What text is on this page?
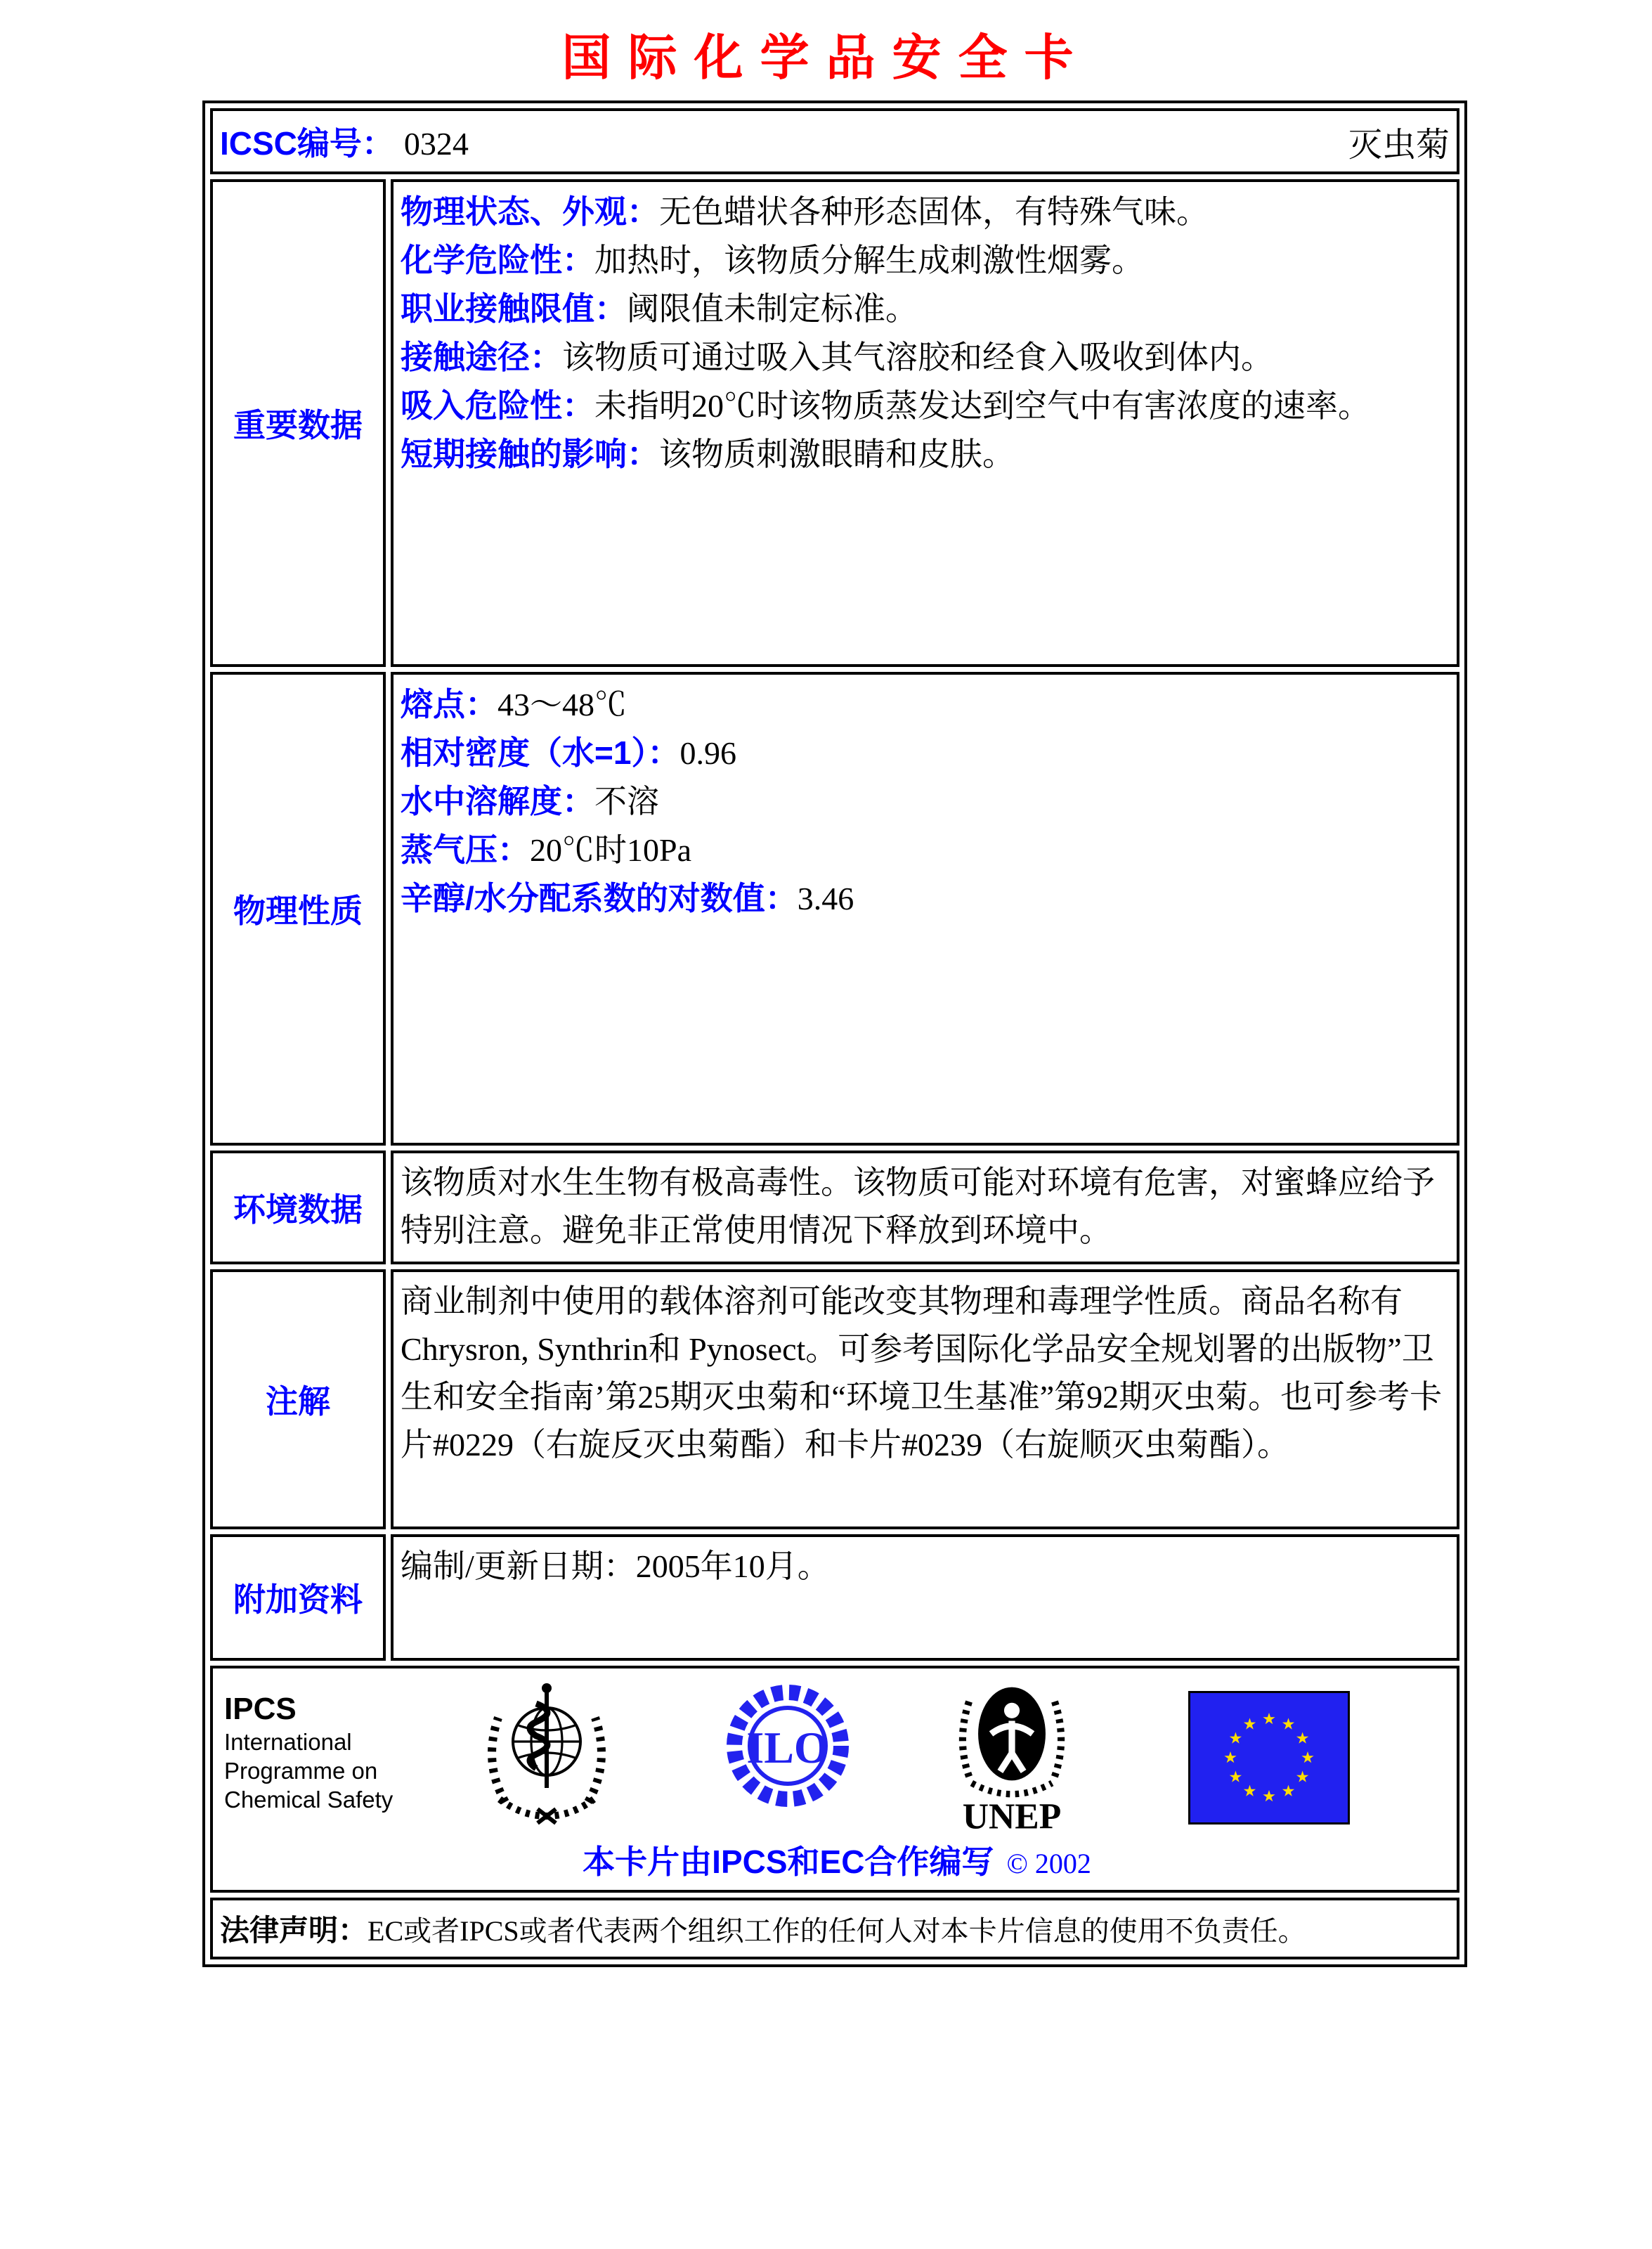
国际化学品安全卡
ICSC编号： 0324 灭虫菊	

重要数据	
物理状态、外观：无色蜡状各种形态固体，有特殊气味。
化学危险性：加热时，该物质分解生成刺激性烟雾。
职业接触限值：阈限值未制定标准。
接触途径：该物质可通过吸入其气溶胶和经食入吸收到体内。
吸入危险性：未指明20℃时该物质蒸发达到空气中有害浓度的速率。
短期接触的影响：该物质刺激眼睛和皮肤。

物理性质	熔点：43～48℃
相对密度（水=1）：0.96
水中溶解度：不溶
蒸气压：20℃时10Pa
辛醇/水分配系数的对数值：3.46

环境数据	该物质对水生生物有极高毒性。该物质可能对环境有危害，对蜜蜂应给予特别注意。避免非正常使用情况下释放到环境中。

注解	商业制剂中使用的载体溶剂可能改变其物理和毒理学性质。商品名称有Chrysron, Synthrin和 Pynosect。可参考国际化学品安全规划署的出版物”卫生和安全指南’第25期灭虫菊和“环境卫生基准”第92期灭虫菊。也可参考卡片#0229（右旋反灭虫菊酯）和卡片#0239（右旋顺灭虫菊酯）。

附加资料	编制/更新日期：2005年10月。

IPCS
International
Programme on
Chemical Safety
ILO
UNEP
本卡片由IPCS和EC合作编写 © 2002

法律声明：EC或者IPCS或者代表两个组织工作的任何人对本卡片信息的使用不负责任。	
